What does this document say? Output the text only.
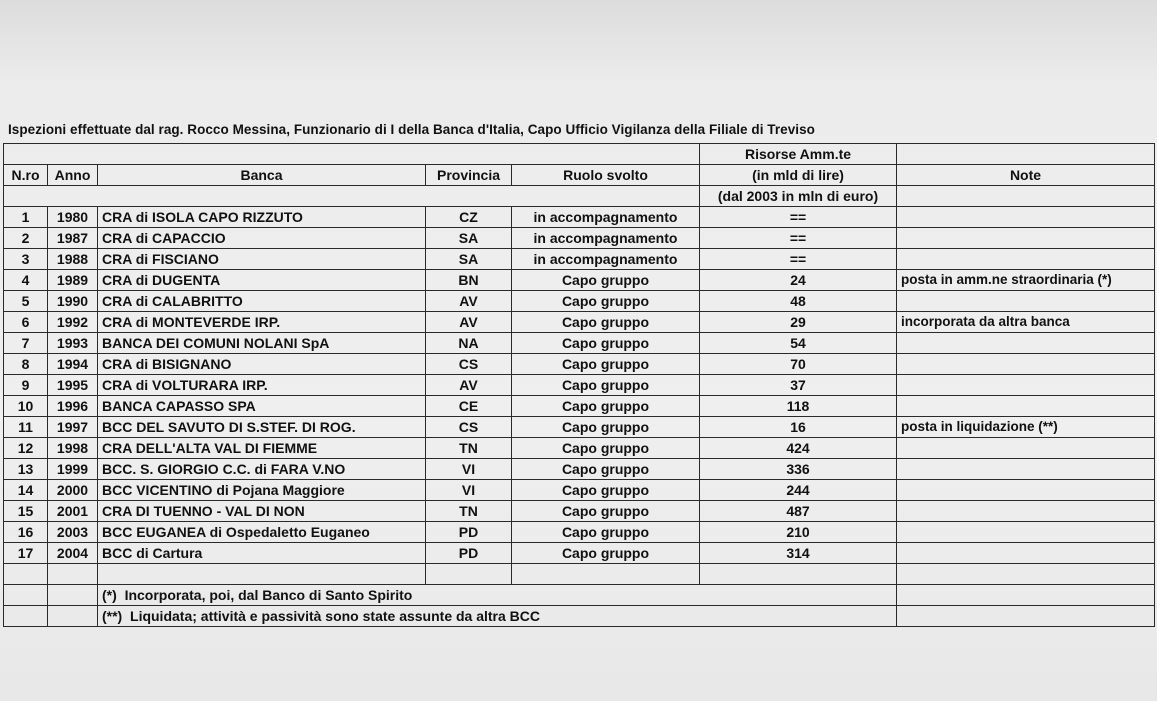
Ispezioni effettuate dal rag. Rocco Messina, Funzionario di I della Banca d'Italia, Capo Ufficio Vigilanza della Filiale di Treviso
					Risorse Amm.te	
N.ro	Anno	Banca	Provincia	Ruolo svolto	(in mld di lire)	Note
					(dal 2003 in mln di euro)	
1	1980	CRA di ISOLA CAPO RIZZUTO	CZ	in accompagnamento	==	
2	1987	CRA di CAPACCIO	SA	in accompagnamento	==	
3	1988	CRA di FISCIANO	SA	in accompagnamento	==	
4	1989	CRA di DUGENTA	BN	Capo gruppo	24	posta in amm.ne straordinaria (*)
5	1990	CRA di CALABRITTO	AV	Capo gruppo	48	
6	1992	CRA di MONTEVERDE IRP.	AV	Capo gruppo	29	incorporata da altra banca
7	1993	BANCA DEI COMUNI NOLANI SpA	NA	Capo gruppo	54	
8	1994	CRA di BISIGNANO	CS	Capo gruppo	70	
9	1995	CRA di VOLTURARA IRP.	AV	Capo gruppo	37	
10	1996	BANCA CAPASSO SPA	CE	Capo gruppo	118	
11	1997	BCC DEL SAVUTO DI S.STEF. DI ROG.	CS	Capo gruppo	16	posta in liquidazione (**)
12	1998	CRA DELL'ALTA VAL DI FIEMME	TN	Capo gruppo	424	
13	1999	BCC. S. GIORGIO C.C. di FARA V.NO	VI	Capo gruppo	336	
14	2000	BCC VICENTINO di Pojana Maggiore	VI	Capo gruppo	244	
15	2001	CRA DI TUENNO - VAL DI NON	TN	Capo gruppo	487	
16	2003	BCC EUGANEA di Ospedaletto Euganeo	PD	Capo gruppo	210	
17	2004	BCC di Cartura	PD	Capo gruppo	314	

		(*) Incorporata, poi, dal Banco di Santo Spirito				
		(**) Liquidata; attività e passività sono state assunte da altra BCC				
